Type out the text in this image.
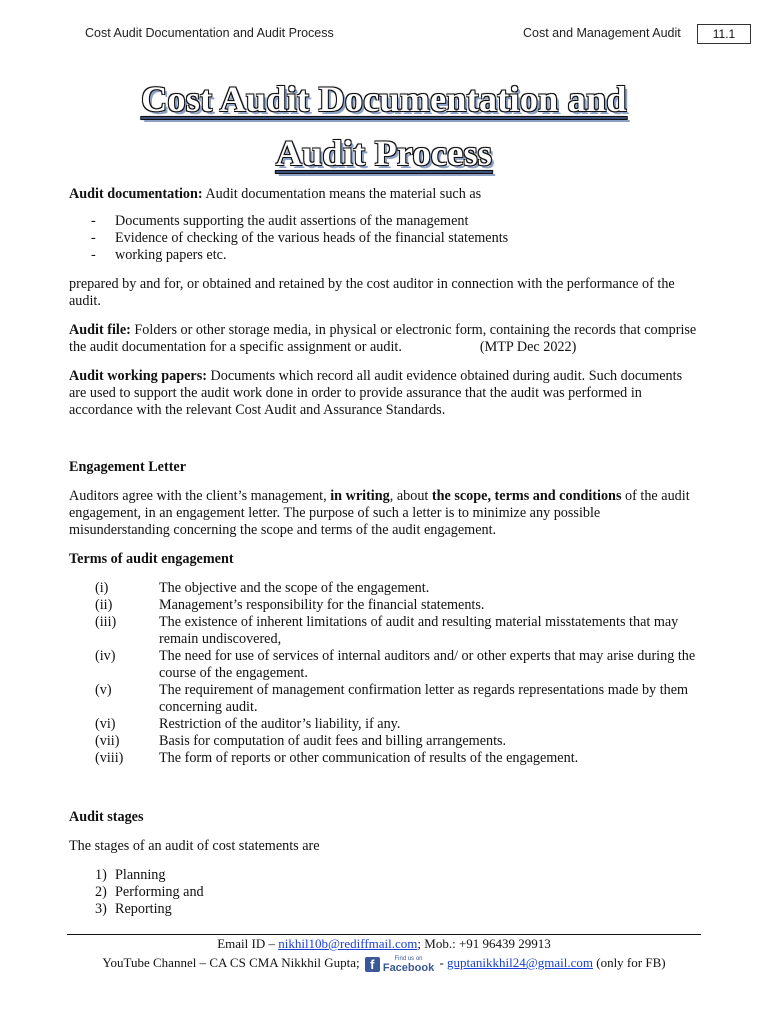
Cost Audit Documentation and Audit Process	Cost and Management Audit	11.1
Cost Audit Documentation and
Audit Process

Audit documentation: Audit documentation means the material such as

-	Documents supporting the audit assertions of the management
-	Evidence of checking of the various heads of the financial statements
-	working papers etc.

prepared by and for, or obtained and retained by the cost auditor in connection with the performance of the audit.

Audit file: Folders or other storage media, in physical or electronic form, containing the records that comprise the audit documentation for a specific assignment or audit.	(MTP Dec 2022)

Audit working papers: Documents which record all audit evidence obtained during audit. Such documents are used to support the audit work done in order to provide assurance that the audit was performed in accordance with the relevant Cost Audit and Assurance Standards.

Engagement Letter

Auditors agree with the client’s management, in writing, about the scope, terms and conditions of the audit engagement, in an engagement letter. The purpose of such a letter is to minimize any possible misunderstanding concerning the scope and terms of the audit engagement.

Terms of audit engagement

(i)	The objective and the scope of the engagement.
(ii)	Management’s responsibility for the financial statements.
(iii)	The existence of inherent limitations of audit and resulting material misstatements that may remain undiscovered,
(iv)	The need for use of services of internal auditors and/ or other experts that may arise during the course of the engagement.
(v)	The requirement of management confirmation letter as regards representations made by them concerning audit.
(vi)	Restriction of the auditor’s liability, if any.
(vii)	Basis for computation of audit fees and billing arrangements.
(viii)	The form of reports or other communication of results of the engagement.

Audit stages

The stages of an audit of cost statements are

1) Planning
2) Performing and
3) Reporting
Email ID – nikhil10b@rediffmail.com; Mob.: +91 96439 29913
YouTube Channel – CA CS CMA Nikkhil Gupta; f	Find us on
Facebook - guptanikkhil24@gmail.com (only for FB)
